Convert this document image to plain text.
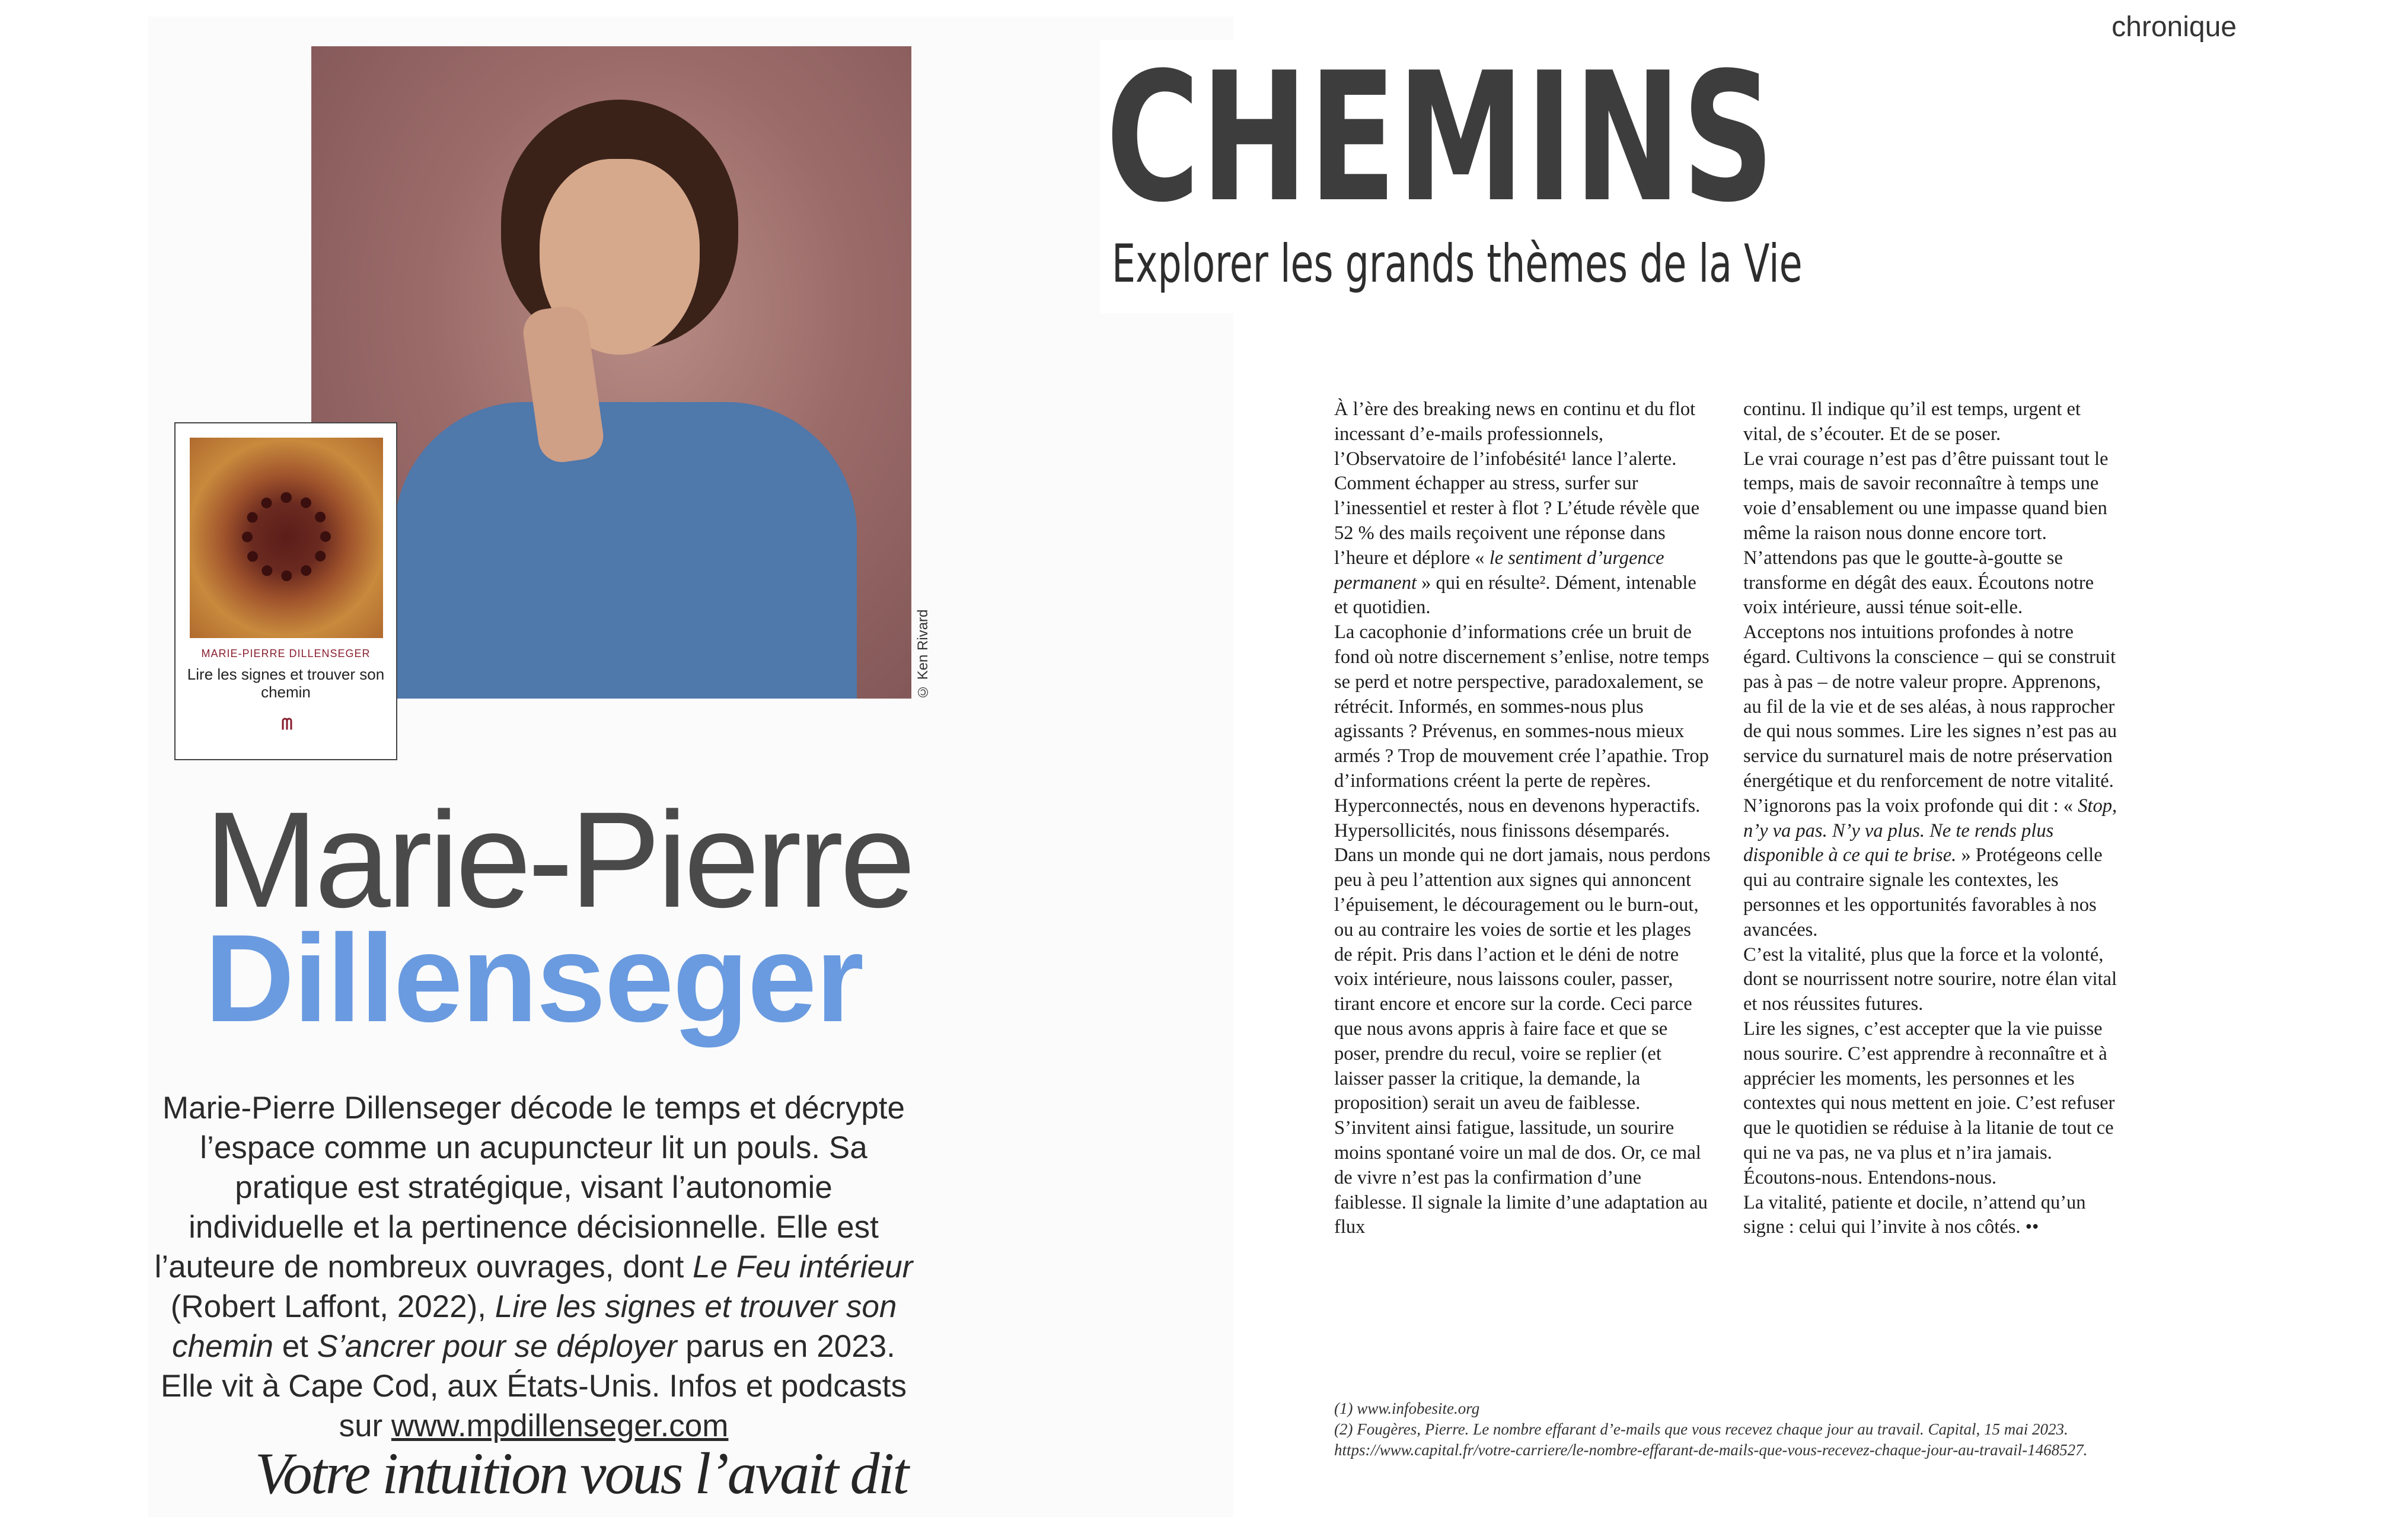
© Ken Rivard
MARIE-PIERRE DILLENSEGER
Lire les signes et trouver son chemin
ᗰ
Marie-Pierre
Dillenseger

Marie-Pierre Dillenseger décode le temps et décrypte l’espace comme un acupuncteur lit un pouls. Sa pratique est stratégique, visant l’autonomie individuelle et la pertinence décisionnelle. Elle est l’auteure de nombreux ouvrages, dont Le Feu intérieur (Robert Laffont, 2022), Lire les signes et trouver son chemin et S’ancrer pour se déployer parus en 2023. Elle vit à Cape Cod, aux États-Unis. Infos et podcasts sur www.mpdillenseger.com

Votre intuition vous l’avait dit
chronique
CHEMINS
Explorer les grands thèmes de la Vie

À l’ère des breaking news en continu et du flot incessant d’e-mails professionnels, l’Observatoire de l’infobésité¹ lance l’alerte. Comment échapper au stress, surfer sur l’inessentiel et rester à flot ? L’étude révèle que 52 % des mails reçoivent une réponse dans l’heure et déplore « le sentiment d’urgence permanent » qui en résulte². Dément, intenable et quotidien.

La cacophonie d’informations crée un bruit de fond où notre discernement s’enlise, notre temps se perd et notre perspective, paradoxalement, se rétrécit. Informés, en sommes-nous plus agissants ? Prévenus, en sommes-nous mieux armés ? Trop de mouvement crée l’apathie. Trop d’informations créent la perte de repères. Hyperconnectés, nous en devenons hyperactifs. Hypersollicités, nous finissons désemparés.

Dans un monde qui ne dort jamais, nous perdons peu à peu l’attention aux signes qui annoncent l’épuisement, le découragement ou le burn-out, ou au contraire les voies de sortie et les plages de répit. Pris dans l’action et le déni de notre voix intérieure, nous laissons couler, passer, tirant encore et encore sur la corde. Ceci parce que nous avons appris à faire face et que se poser, prendre du recul, voire se replier (et laisser passer la critique, la demande, la proposition) serait un aveu de faiblesse. S’invitent ainsi fatigue, lassitude, un sourire moins spontané voire un mal de dos. Or, ce mal de vivre n’est pas la confirmation d’une faiblesse. Il signale la limite d’une adaptation au flux

continu. Il indique qu’il est temps, urgent et vital, de s’écouter. Et de se poser.

Le vrai courage n’est pas d’être puissant tout le temps, mais de savoir reconnaître à temps une voie d’ensablement ou une impasse quand bien même la raison nous donne encore tort. N’attendons pas que le goutte-à-goutte se transforme en dégât des eaux. Écoutons notre voix intérieure, aussi ténue soit-elle.

Acceptons nos intuitions profondes à notre égard. Cultivons la conscience – qui se construit pas à pas – de notre valeur propre. Apprenons, au fil de la vie et de ses aléas, à nous rapprocher de qui nous sommes. Lire les signes n’est pas au service du surnaturel mais de notre préservation énergétique et du renforcement de notre vitalité. N’ignorons pas la voix profonde qui dit : « Stop, n’y va pas. N’y va plus. Ne te rends plus disponible à ce qui te brise. » Protégeons celle qui au contraire signale les contextes, les personnes et les opportunités favorables à nos avancées.

C’est la vitalité, plus que la force et la volonté, dont se nourrissent notre sourire, notre élan vital et nos réussites futures.

Lire les signes, c’est accepter que la vie puisse nous sourire. C’est apprendre à reconnaître et à apprécier les moments, les personnes et les contextes qui nous mettent en joie. C’est refuser que le quotidien se réduise à la litanie de tout ce qui ne va pas, ne va plus et n’ira jamais. Écoutons-nous. Entendons-nous.

La vitalité, patiente et docile, n’attend qu’un signe : celui qui l’invite à nos côtés. ••

(1) www.infobesite.org

(2) Fougères, Pierre. Le nombre effarant d’e-mails que vous recevez chaque jour au travail. Capital, 15 mai 2023. https://www.capital.fr/votre-carriere/le-nombre-effarant-de-mails-que-vous-recevez-chaque-jour-au-travail-1468527.
